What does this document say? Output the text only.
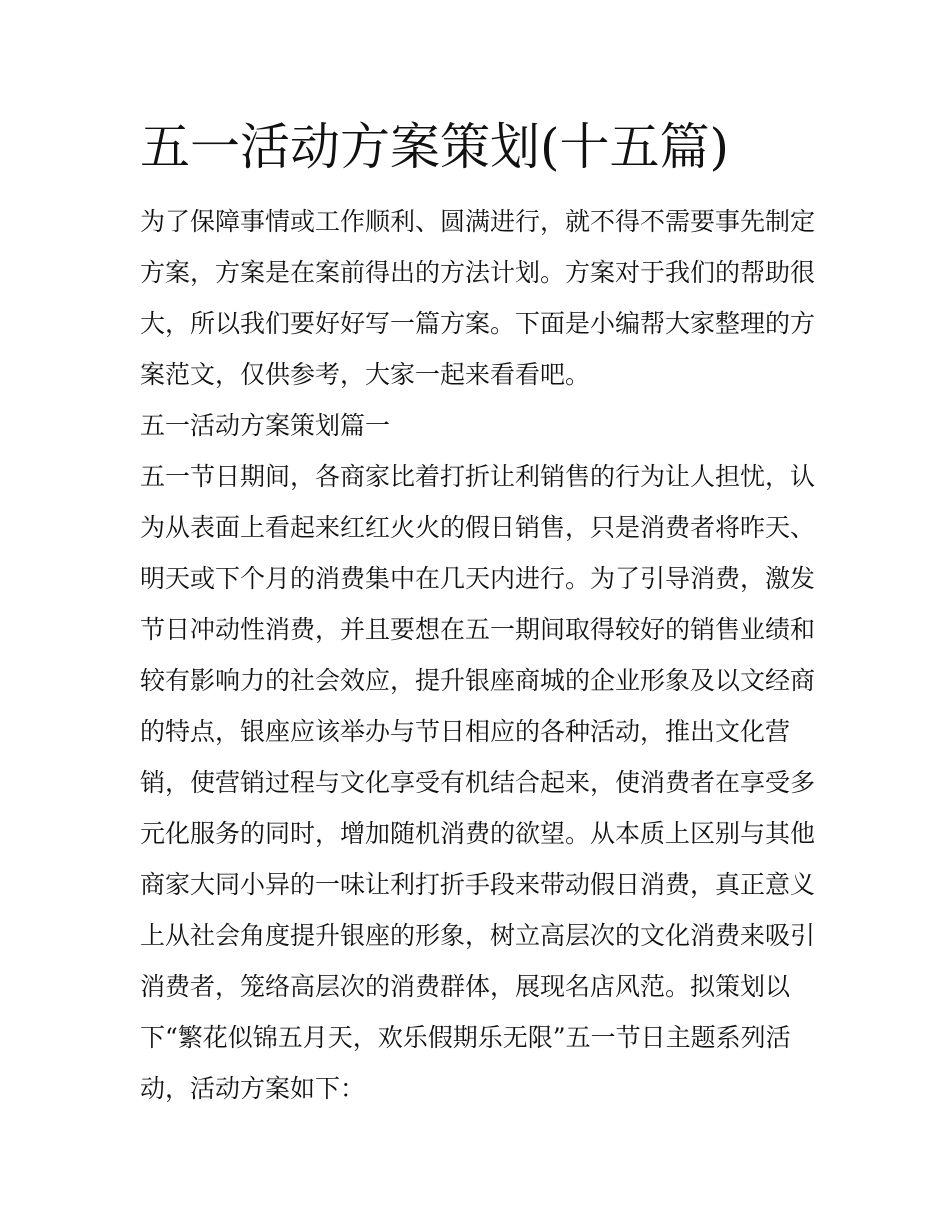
五一活动方案策划(十五篇)

为了保障事情或工作顺利、圆满进行，就不得不需要事先制定

方案，方案是在案前得出的方法计划。方案对于我们的帮助很

大，所以我们要好好写一篇方案。下面是小编帮大家整理的方

案范文，仅供参考，大家一起来看看吧。

五一活动方案策划篇一

五一节日期间，各商家比着打折让利销售的行为让人担忧，认

为从表面上看起来红红火火的假日销售，只是消费者将昨天、

明天或下个月的消费集中在几天内进行。为了引导消费，激发

节日冲动性消费，并且要想在五一期间取得较好的销售业绩和

较有影响力的社会效应，提升银座商城的企业形象及以文经商

的特点，银座应该举办与节日相应的各种活动，推出文化营

销，使营销过程与文化享受有机结合起来，使消费者在享受多

元化服务的同时，增加随机消费的欲望。从本质上区别与其他

商家大同小异的一味让利打折手段来带动假日消费，真正意义

上从社会角度提升银座的形象，树立高层次的文化消费来吸引

消费者，笼络高层次的消费群体，展现名店风范。拟策划以

下“繁花似锦五月天，欢乐假期乐无限”五一节日主题系列活

动，活动方案如下：
